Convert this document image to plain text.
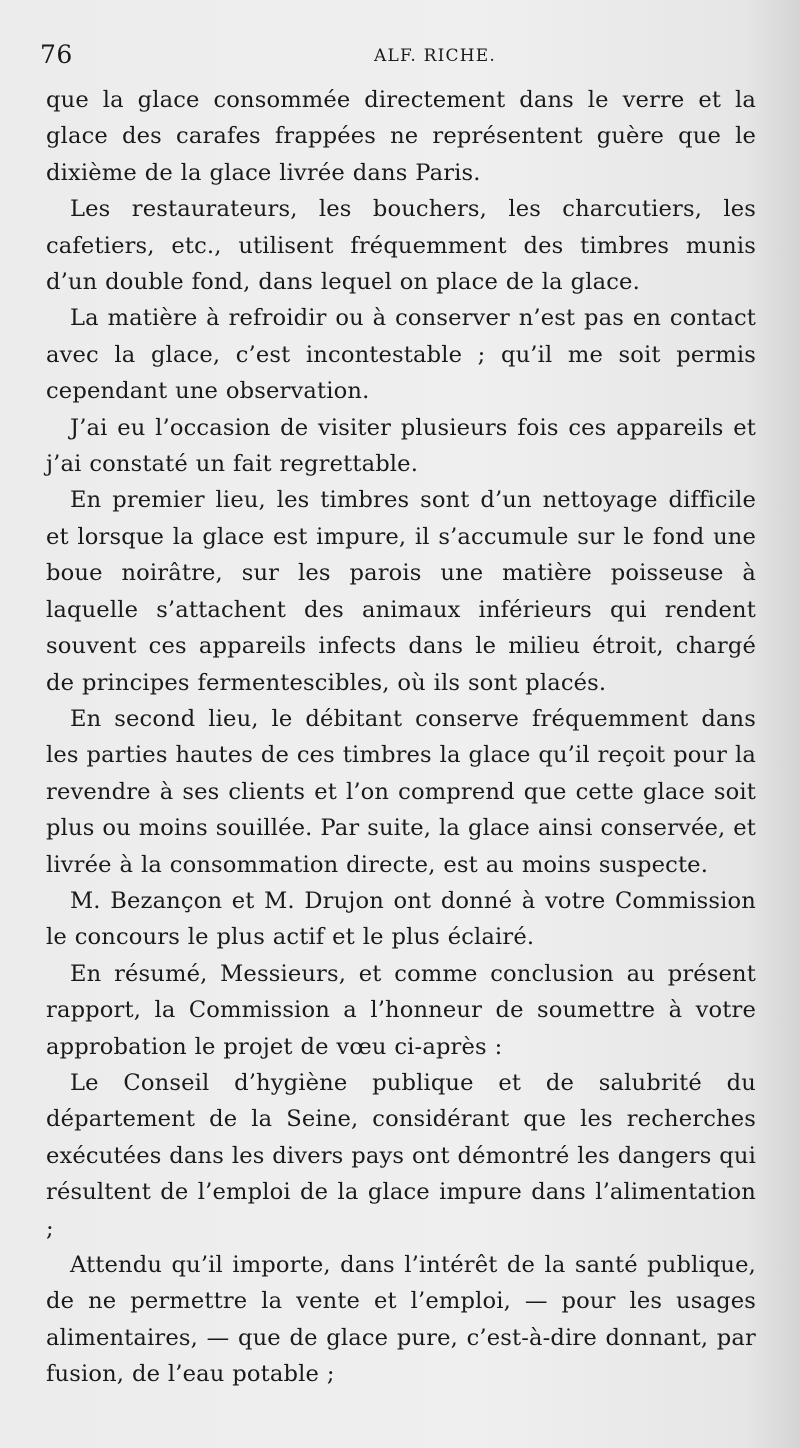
76	ALF. RICHE.

que la glace consommée directement dans le verre et la glace des carafes frappées ne représentent guère que le dixième de la glace livrée dans Paris.

Les restaurateurs, les bouchers, les charcutiers, les cafetiers, etc., utilisent fréquemment des timbres munis d’un double fond, dans lequel on place de la glace.

La matière à refroidir ou à conserver n’est pas en contact avec la glace, c’est incontestable ; qu’il me soit permis cependant une observation.

J’ai eu l’occasion de visiter plusieurs fois ces appareils et j’ai constaté un fait regrettable.

En premier lieu, les timbres sont d’un nettoyage difficile et lorsque la glace est impure, il s’accumule sur le fond une boue noirâtre, sur les parois une matière poisseuse à laquelle s’attachent des animaux inférieurs qui rendent souvent ces appareils infects dans le milieu étroit, chargé de principes fermentescibles, où ils sont placés.

En second lieu, le débitant conserve fréquemment dans les parties hautes de ces timbres la glace qu’il reçoit pour la revendre à ses clients et l’on comprend que cette glace soit plus ou moins souillée. Par suite, la glace ainsi conservée, et livrée à la consommation directe, est au moins suspecte.

M. Bezançon et M. Drujon ont donné à votre Commission le concours le plus actif et le plus éclairé.

En résumé, Messieurs, et comme conclusion au présent rapport, la Commission a l’honneur de soumettre à votre approbation le projet de vœu ci-après :

Le Conseil d’hygiène publique et de salubrité du département de la Seine, considérant que les recherches exécutées dans les divers pays ont démontré les dangers qui résultent de l’emploi de la glace impure dans l’alimentation ;

Attendu qu’il importe, dans l’intérêt de la santé publique, de ne permettre la vente et l’emploi, — pour les usages alimentaires, — que de glace pure, c’est-à-dire donnant, par fusion, de l’eau potable ;
